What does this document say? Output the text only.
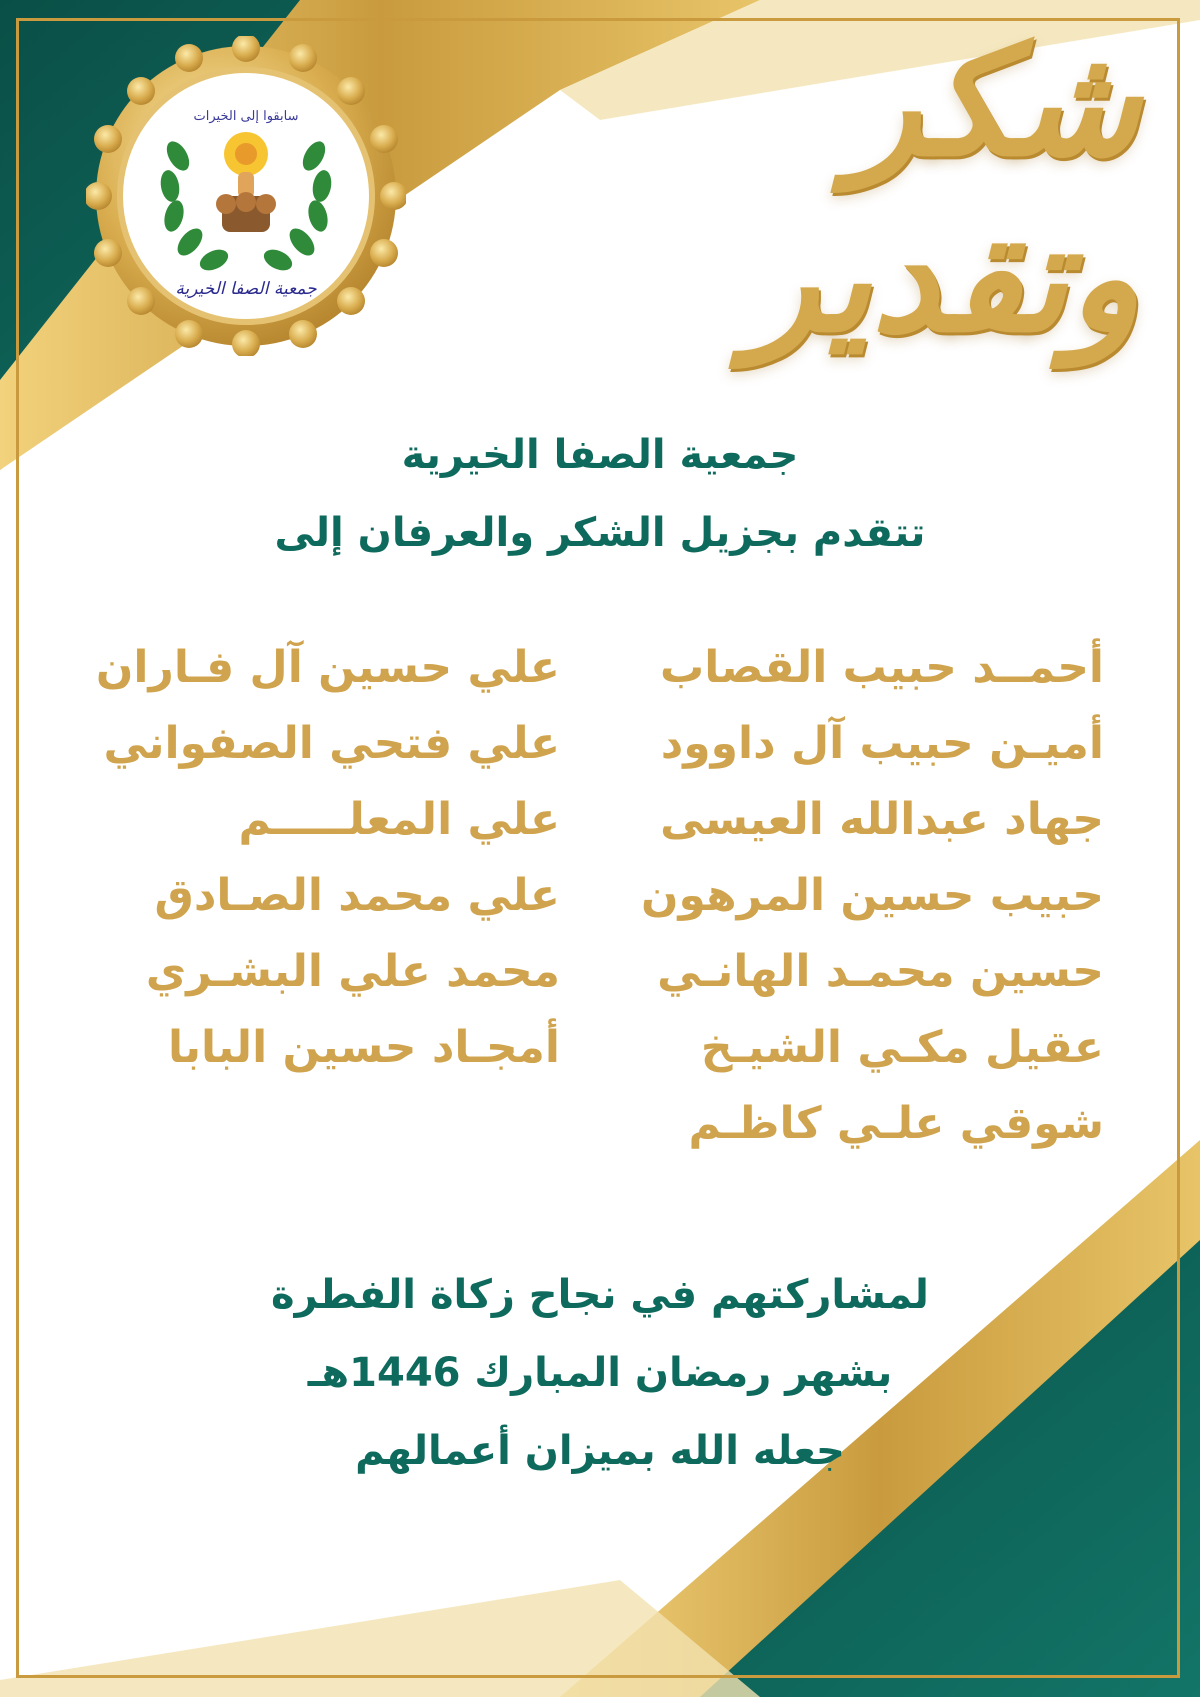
شكر وتقدير
سابقوا إلى الخيرات
جمعية الصفا الخيرية
جمعية الصفا الخيرية
تتقدم بجزيل الشكر والعرفان إلى
أحمــد حبيب القصاب
أميـن حبيب آل داوود
جهاد عبدالله العيسى
حبيب حسين المرهون
حسين محمـد الهانـي
عقيل مكـي الشيـخ
شوقي علـي كاظـم
علي حسين آل فـاران
علي فتحي الصفواني
علي المعلـــــم
علي محمد الصـادق
محمد علي البشـري
أمجـاد حسين البابا
لمشاركتهم في نجاح زكاة الفطرة
بشهر رمضان المبارك 1446هـ
جعله الله بميزان أعمالهم
